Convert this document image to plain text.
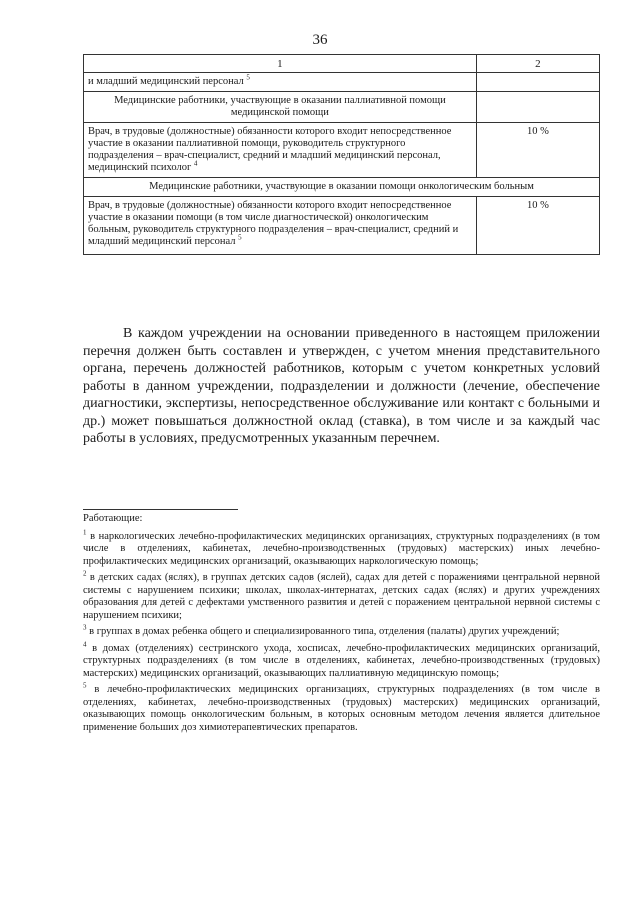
36
1	2
и младший медицинский персонал $^5$	
Медицинские работники, участвующие в оказании паллиативной помощи медицинской помощи	
Врач, в трудовые (должностные) обязанности которого входит непосредственное участие в оказании паллиативной помощи, руководитель структурного подразделения – врач-специалист, средний и младший медицинский персонал, медицинский психолог $^4$	10 %
Медицинские работники, участвующие в оказании помощи онкологическим больным	
Врач, в трудовые (должностные) обязанности которого входит непосредственное участие в оказании помощи (в том числе диагностической) онкологическим больным, руководитель структурного подразделения – врач-специалист, средний и младший медицинский персонал $^5$	10 %

В каждом учреждении на основании приведенного в настоящем приложении перечня должен быть составлен и утвержден, с учетом мнения представительного органа, перечень должностей работников, которым с учетом конкретных условий работы в данном учреждении, подразделении и должности (лечение, обеспечение диагностики, экспертизы, непосредственное обслуживание или контакт с больными и др.) может повышаться должностной оклад (ставка), в том числе и за каждый час работы в условиях, предусмотренных указанным перечнем.

Работающие:

$^1$ в наркологических лечебно-профилактических медицинских организациях, структурных подразделениях (в том числе в отделениях, кабинетах, лечебно-производственных (трудовых) мастерских) иных лечебно-профилактических медицинских организаций, оказывающих наркологическую помощь;

$^2$ в детских садах (яслях), в группах детских садов (яслей), садах для детей с поражениями центральной нервной системы с нарушением психики; школах, школах-интернатах, детских садах (яслях) и других учреждениях образования для детей с дефектами умственного развития и детей с поражением центральной нервной системы с нарушением психики;

$^3$ в группах в домах ребенка общего и специализированного типа, отделения (палаты) других учреждений;

$^4$ в домах (отделениях) сестринского ухода, хосписах, лечебно-профилактических медицинских организаций, структурных подразделениях (в том числе в отделениях, кабинетах, лечебно-производственных (трудовых) мастерских) медицинских организаций, оказывающих паллиативную медицинскую помощь;

$^5$ в лечебно-профилактических медицинских организациях, структурных подразделениях (в том числе в отделениях, кабинетах, лечебно-производственных (трудовых) мастерских) медицинских организаций, оказывающих помощь онкологическим больным, в которых основным методом лечения является длительное применение больших доз химиотерапевтических препаратов.
